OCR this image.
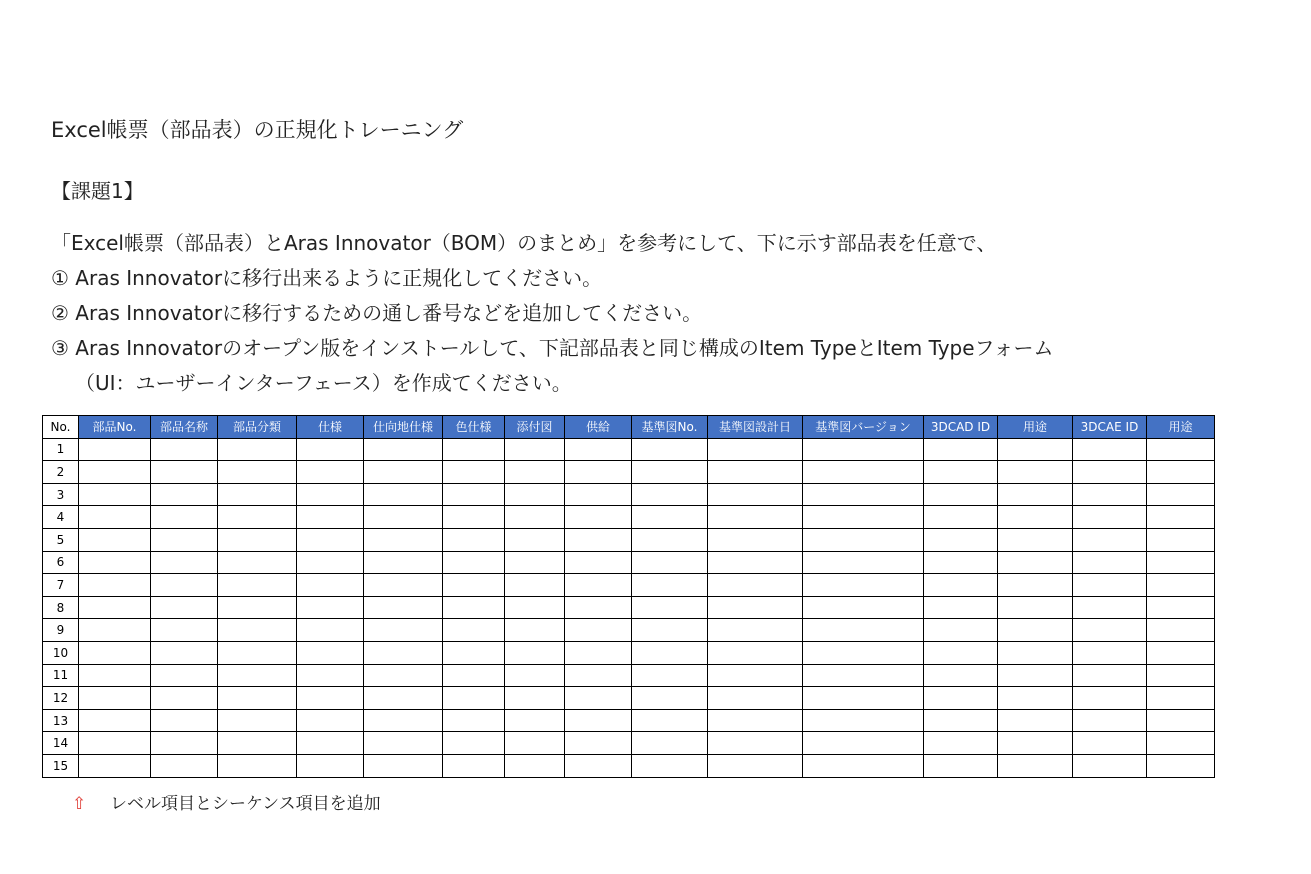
Excel帳票（部品表）の正規化トレーニング
【課題1】
「Excel帳票（部品表）とAras Innovator（BOM）のまとめ」を参考にして、下に示す部品表を任意で、
① Aras Innovatorに移行出来るように正規化してください。
② Aras Innovatorに移行するための通し番号などを追加してください。
③ Aras Innovatorのオープン版をインストールして、下記部品表と同じ構成のItem TypeとItem Typeフォーム
（UI：ユーザーインターフェース）を作成てください。
No.	部品No.	部品名称	部品分類	仕様	仕向地仕様	色仕様	添付図	供給	基準図No.	基準図設計日	基準図バージョン	3DCAD ID	用途	3DCAE ID	用途
1															
2															
3															
4															
5															
6															
7															
8															
9															
10															
11															
12															
13															
14															
15															
⇧ レベル項目とシーケンス項目を追加
